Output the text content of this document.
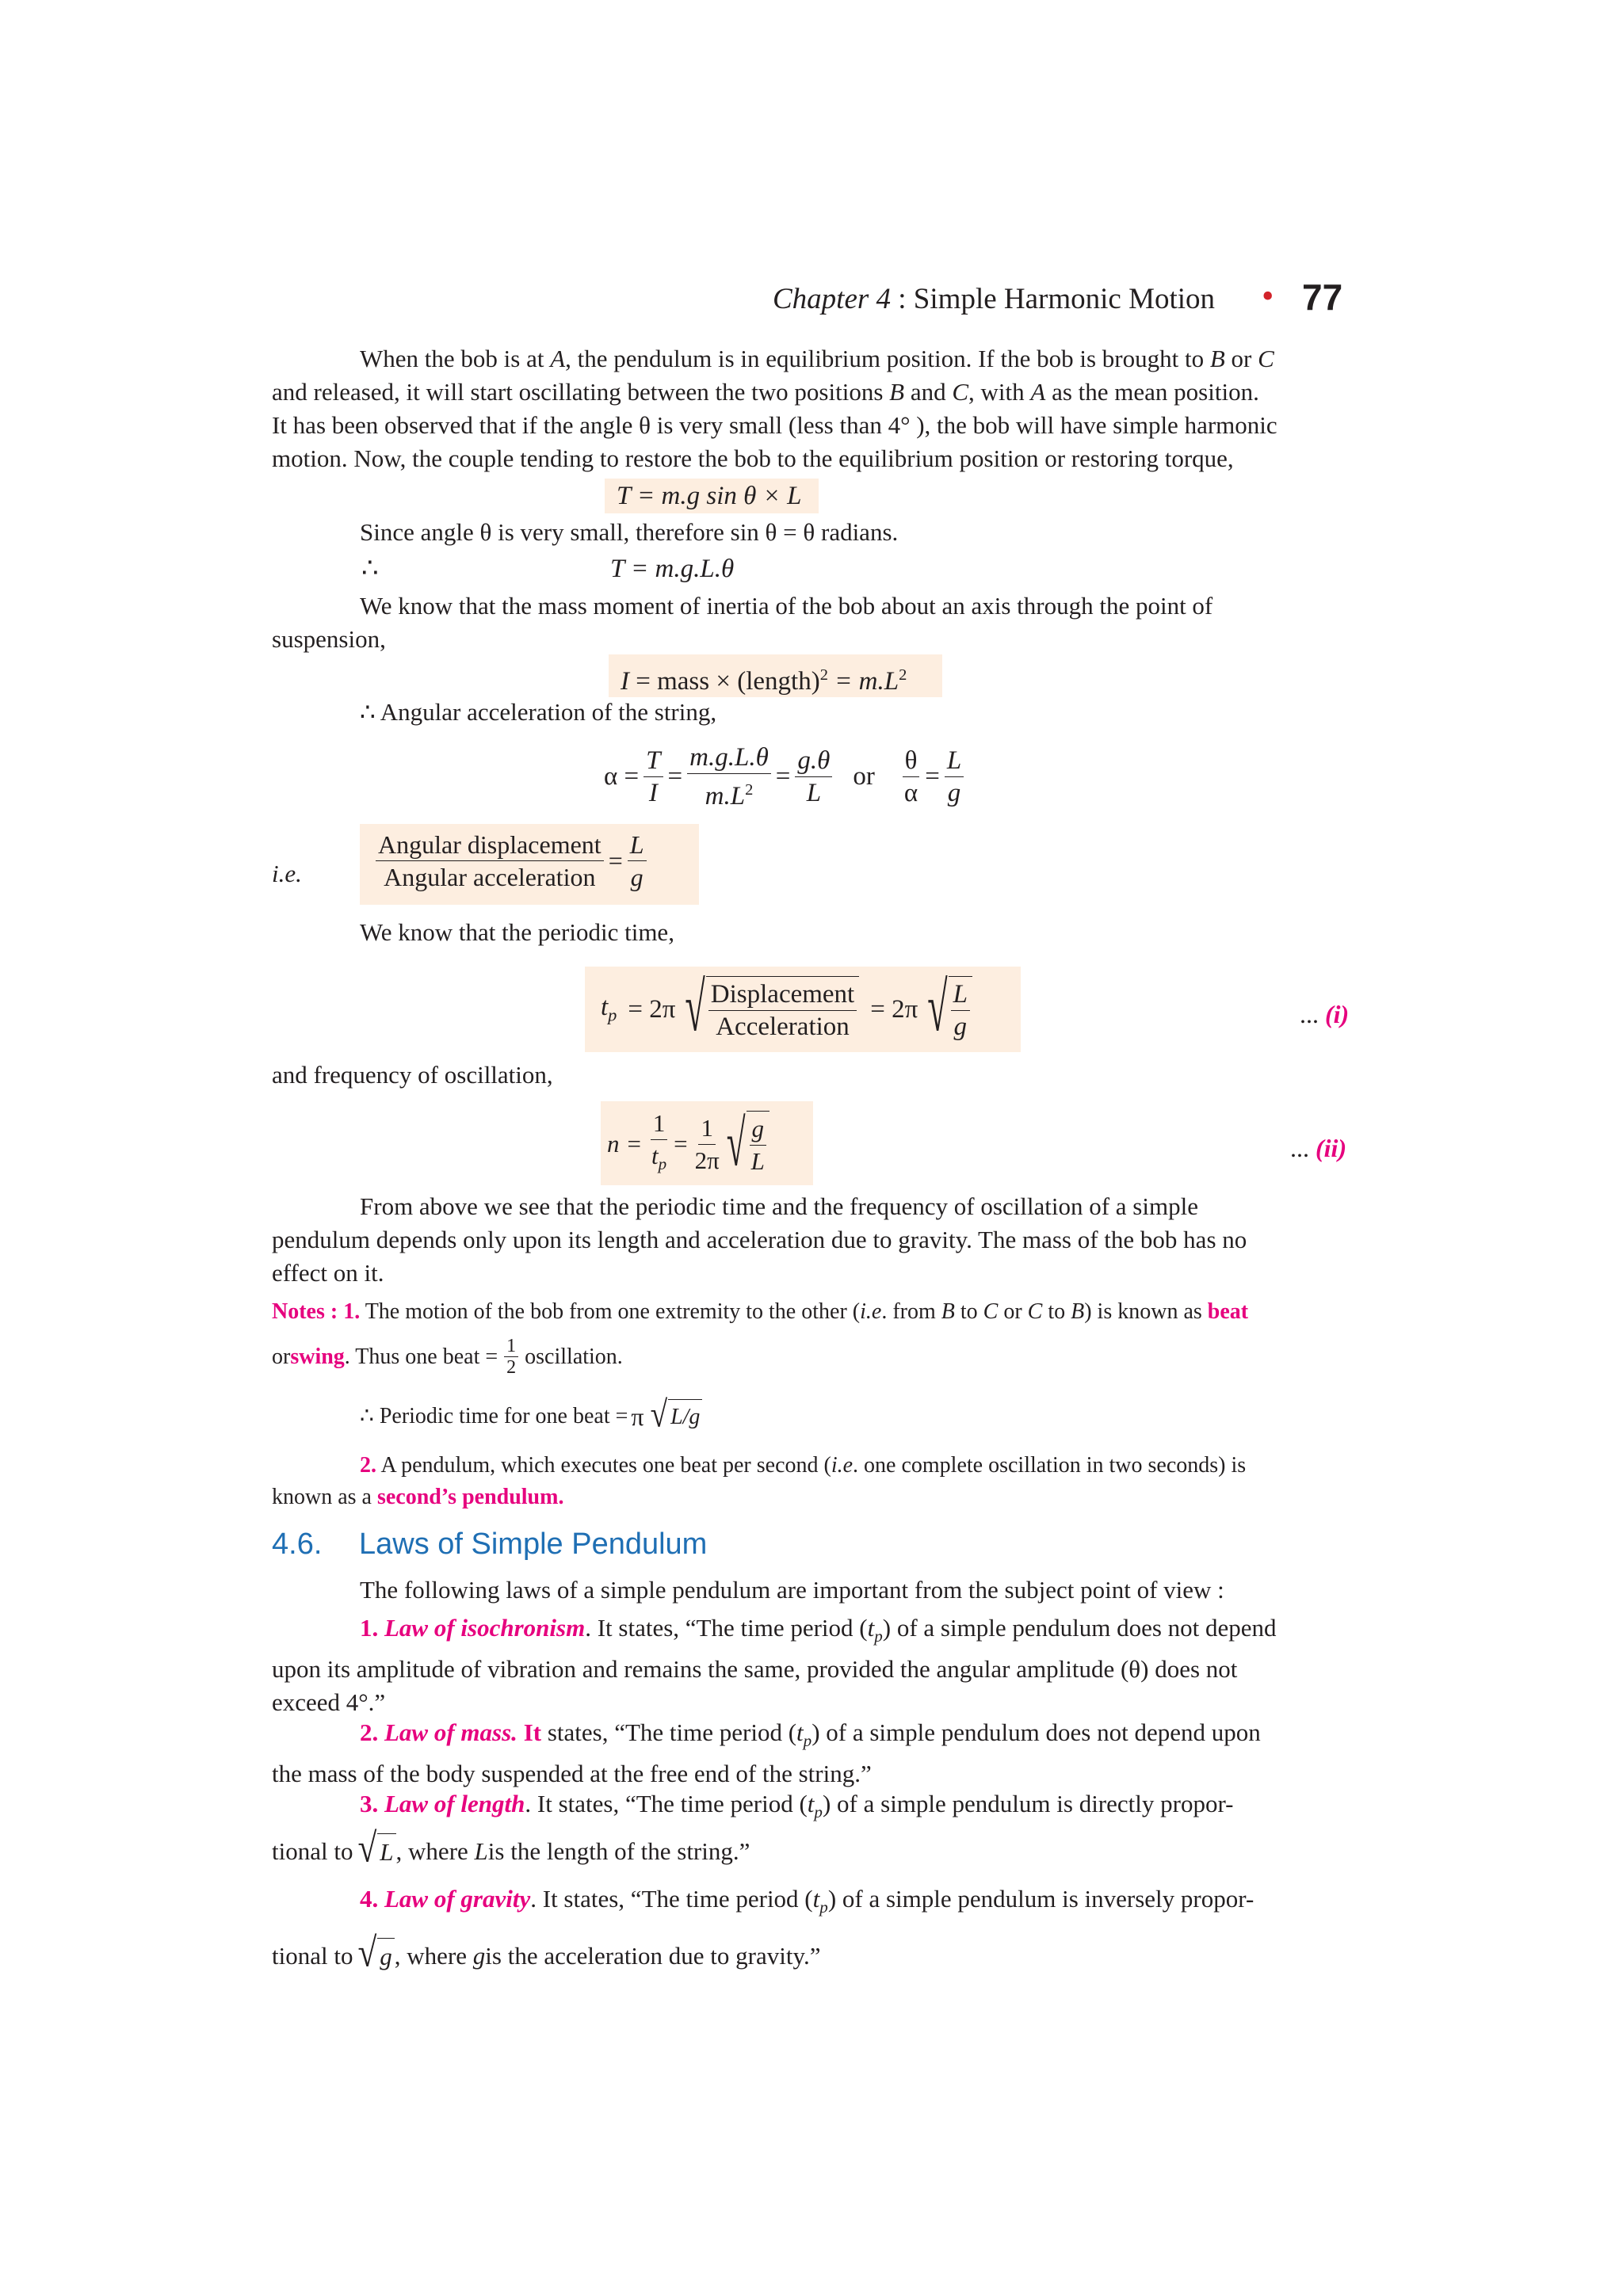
Chapter 4 : Simple Harmonic Motion • 77
When the bob is at A, the pendulum is in equilibrium position. If the bob is brought to B or C
and released, it will start oscillating between the two positions B and C, with A as the mean position.
It has been observed that if the angle θ is very small (less than 4° ), the bob will have simple harmonic
motion. Now, the couple tending to restore the bob to the equilibrium position or restoring torque,
T = m.g sin θ × L
Since angle θ is very small, therefore sin θ = θ radians.
∴	T = m.g.L.θ
We know that the mass moment of inertia of the bob about an axis through the point of
suspension,
I = mass × (length)$^2$ = $m.L^2$
∴ Angular acceleration of the string,
$\alpha = \frac{T}{I} = \frac{m.g.L.\theta}{m.L^2} = \frac{g.\theta}{L}$ or $\frac{\theta}{\alpha} = \frac{L}{g}$
i.e.	$\frac{\text{Angular displacement}}{\text{Angular acceleration}} = \frac{L}{g}$
We know that the periodic time,
$t_p = 2\pi$ √ $\frac{\text{Displacement}}{\text{Acceleration}} = 2\pi$ √ $\frac{L}{g}$	... (i)
and frequency of oscillation,
$n = \frac{1}{t_p} = \frac{1}{2\pi}$ √ $\frac{g}{L}$	... (ii)
From above we see that the periodic time and the frequency of oscillation of a simple
pendulum depends only upon its length and acceleration due to gravity. The mass of the bob has no
effect on it.
Notes : 1. The motion of the bob from one extremity to the other (i.e. from B to C or C to B) is known as beat
or swing . Thus one beat = $\frac{1}{2}$ oscillation.
∴ Periodic time for one beat = π √ L/g
2. A pendulum, which executes one beat per second (i.e. one complete oscillation in two seconds) is
known as a second’s pendulum.
4.6. Laws of Simple Pendulum
The following laws of a simple pendulum are important from the subject point of view :
1. Law of isochronism. It states, “The time period $(t_p)$ of a simple pendulum does not depend
upon its amplitude of vibration and remains the same, provided the angular amplitude (θ) does not
exceed 4°.”
2. Law of mass. It states, “The time period $(t_p)$ of a simple pendulum does not depend upon
the mass of the body suspended at the free end of the string.”
3. Law of length. It states, “The time period $(t_p)$ of a simple pendulum is directly propor-
tional to √ L , where
L is the length of the string.”
4. Law of gravity. It states, “The time period $(t_p)$ of a simple pendulum is inversely propor-
tional to √ g , where
g is the acceleration due to gravity.”
